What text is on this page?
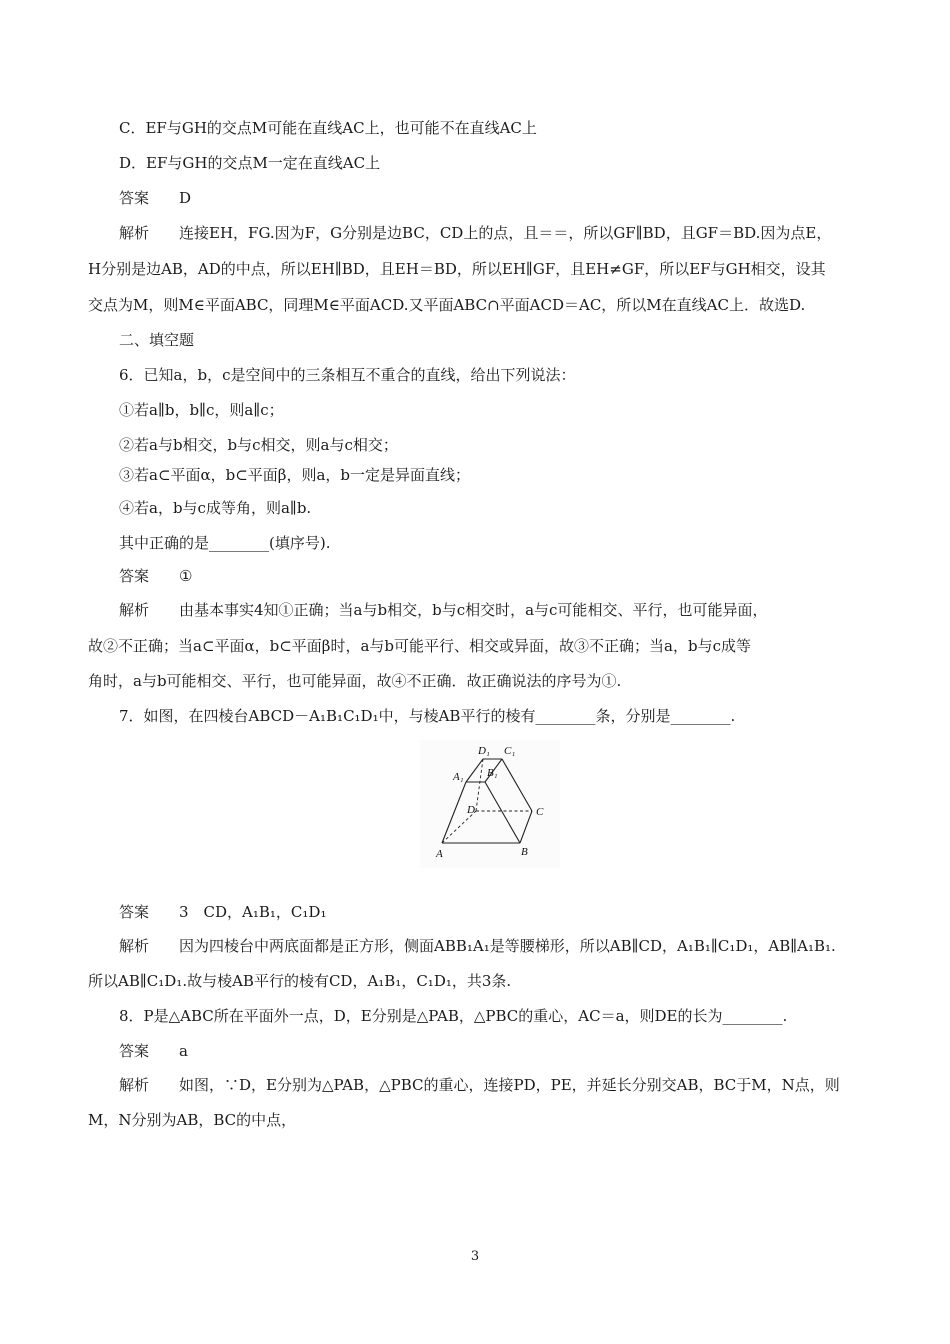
C．EF与GH的交点M可能在直线AC上，也可能不在直线AC上
D．EF与GH的交点M一定在直线AC上
答案 D
解析 连接EH，FG.因为F，G分别是边BC，CD上的点，且＝＝，所以GF∥BD，且GF＝BD.因为点E，
H分别是边AB，AD的中点，所以EH∥BD，且EH＝BD，所以EH∥GF，且EH≠GF，所以EF与GH相交，设其
交点为M，则M∈平面ABC，同理M∈平面ACD.又平面ABC∩平面ACD＝AC，所以M在直线AC上．故选D.
二、填空题
6．已知a，b，c是空间中的三条相互不重合的直线，给出下列说法：
①若a∥b，b∥c，则a∥c；
②若a与b相交，b与c相交，则a与c相交；
③若a⊂平面α，b⊂平面β，则a，b一定是异面直线；
④若a，b与c成等角，则a∥b.
其中正确的是________(填序号).
答案 ①
解析 由基本事实4知①正确；当a与b相交，b与c相交时，a与c可能相交、平行，也可能异面，
故②不正确；当a⊂平面α，b⊂平面β时，a与b可能平行、相交或异面，故③不正确；当a，b与c成等
角时，a与b可能相交、平行，也可能异面，故④不正确．故正确说法的序号为①.
7．如图，在四棱台ABCD－A₁B₁C₁D₁中，与棱AB平行的棱有________条，分别是________.
D₁ C₁
A₁ B₁
D	C
A	B
答案 3　CD，A₁B₁，C₁D₁
解析 因为四棱台中两底面都是正方形，侧面ABB₁A₁是等腰梯形，所以AB∥CD，A₁B₁∥C₁D₁，AB∥A₁B₁.
所以AB∥C₁D₁.故与棱AB平行的棱有CD，A₁B₁，C₁D₁，共3条.
8．P是△ABC所在平面外一点，D，E分别是△PAB，△PBC的重心，AC＝a，则DE的长为________.
答案 a
解析 如图，∵D，E分别为△PAB，△PBC的重心，连接PD，PE，并延长分别交AB，BC于M，N点，则
M，N分别为AB，BC的中点，
3
